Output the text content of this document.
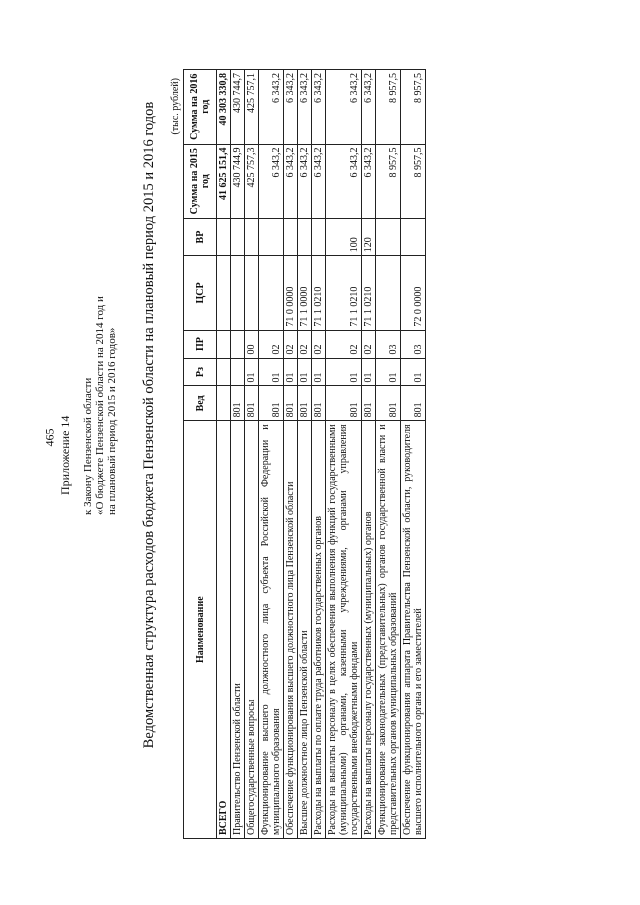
465 Приложение 14 к Закону Пензенской области «О бюджете Пензенской области на 2014 год и на плановый период 2015 и 2016 годов» Ведомственная структура расходов бюджета Пензенской области на плановый период 2015 и 2016 годов (тыс. рублей)
Наименование	Вед	Рз	ПР	ЦСР	ВР	Сумма на 2015 год	Сумма на 2016 год
ВСЕГО						41 625 151,4	40 303 330,8
Правительство Пензенской области	801					430 744,9	430 744,7
Общегосударственные вопросы	801	01	00			425 757,3	425 757,1
Функционирование высшего должностного лица субъекта Российской Федерации и муниципального образования	801	01	02			6 343,2	6 343,2
Обеспечение функционирования высшего должностного лица Пензенской области	801	01	02	71 0 0000		6 343,2	6 343,2
Высшее должностное лицо Пензенской области	801	01	02	71 1 0000		6 343,2	6 343,2
Расходы на выплаты по оплате труда работников государственных органов	801	01	02	71 1 0210		6 343,2	6 343,2
Расходы на выплаты персоналу в целях обеспечения выполнения функций государственными (муниципальными) органами, казенными учреждениями, органами управления государственными внебюджетными фондами	801	01	02	71 1 0210	100	6 343,2	6 343,2
Расходы на выплаты персоналу государственных (муниципальных) органов	801	01	02	71 1 0210	120	6 343,2	6 343,2
Функционирование законодательных (представительных) органов государственной власти и представительных органов муниципальных образований	801	01	03			8 957,5	8 957,5
Обеспечение функционирования аппарата Правительства Пензенской области, руководителя высшего исполнительного органа и его заместителей	801	01	03	72 0 0000		8 957,5	8 957,5
